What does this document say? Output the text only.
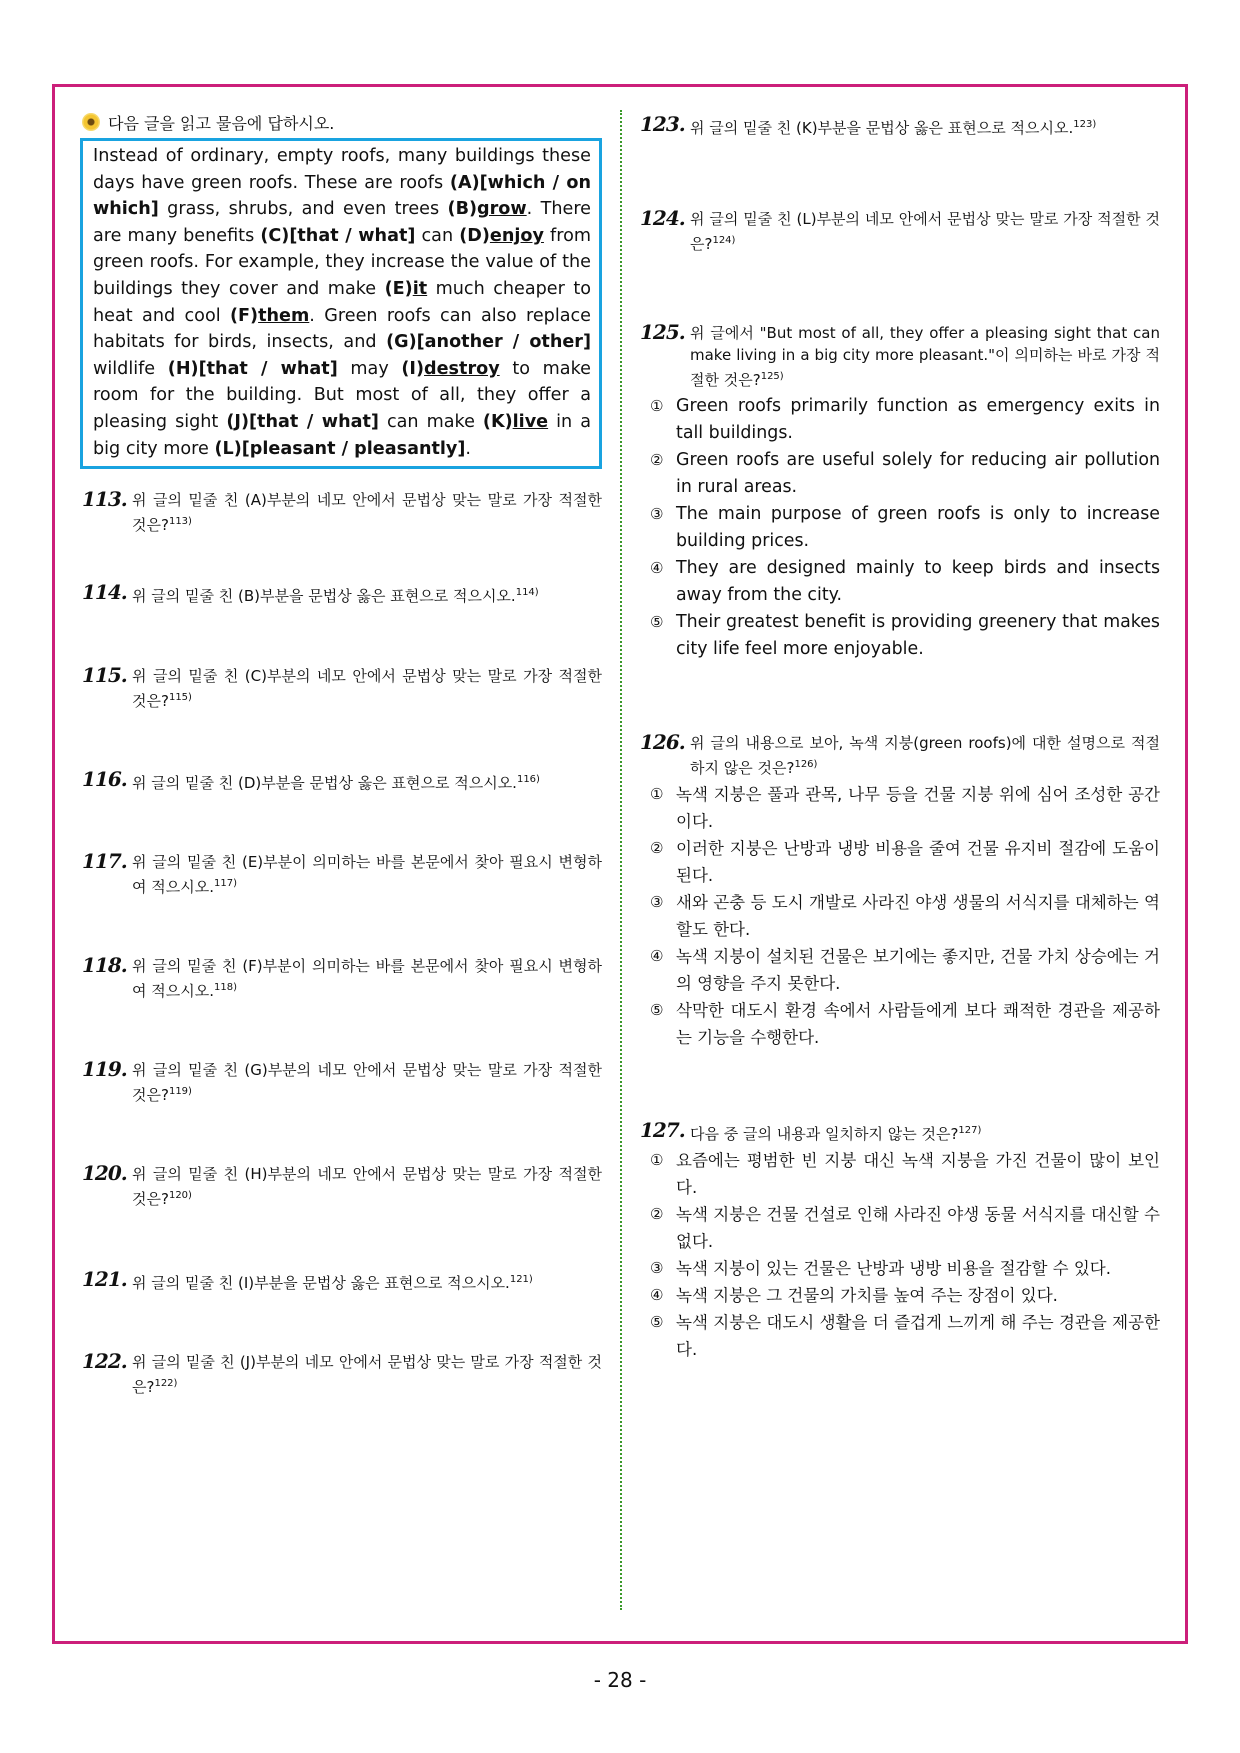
다음 글을 읽고 물음에 답하시오.
Instead of ordinary, empty roofs, many buildings these days have green roofs. These are roofs (A)[which / on which] grass, shrubs, and even trees (B)grow. There are many benefits (C)[that / what] can (D)enjoy from green roofs. For example, they increase the value of the buildings they cover and make (E)it much cheaper to heat and cool (F)them. Green roofs can also replace habitats for birds, insects, and (G)[another / other] wildlife (H)[that / what] may (I)destroy to make room for the building. But most of all, they offer a pleasing sight (J)[that / what] can make (K)live in a big city more (L)[pleasant / pleasantly].
113. 위 글의 밑줄 친 (A)부분의 네모 안에서 문법상 맞는 말로 가장 적절한 것은?$^{113)}$
114. 위 글의 밑줄 친 (B)부분을 문법상 옳은 표현으로 적으시오.$^{114)}$
115. 위 글의 밑줄 친 (C)부분의 네모 안에서 문법상 맞는 말로 가장 적절한 것은?$^{115)}$
116. 위 글의 밑줄 친 (D)부분을 문법상 옳은 표현으로 적으시오.$^{116)}$
117. 위 글의 밑줄 친 (E)부분이 의미하는 바를 본문에서 찾아 필요시 변형하여 적으시오.$^{117)}$
118. 위 글의 밑줄 친 (F)부분이 의미하는 바를 본문에서 찾아 필요시 변형하여 적으시오.$^{118)}$
119. 위 글의 밑줄 친 (G)부분의 네모 안에서 문법상 맞는 말로 가장 적절한 것은?$^{119)}$
120. 위 글의 밑줄 친 (H)부분의 네모 안에서 문법상 맞는 말로 가장 적절한 것은?$^{120)}$
121. 위 글의 밑줄 친 (I)부분을 문법상 옳은 표현으로 적으시오.$^{121)}$
122. 위 글의 밑줄 친 (J)부분의 네모 안에서 문법상 맞는 말로 가장 적절한 것은?$^{122)}$
123. 위 글의 밑줄 친 (K)부분을 문법상 옳은 표현으로 적으시오.$^{123)}$
124. 위 글의 밑줄 친 (L)부분의 네모 안에서 문법상 맞는 말로 가장 적절한 것은?$^{124)}$
125. 위 글에서 "But most of all, they offer a pleasing sight that can make living in a big city more pleasant."이 의미하는 바로 가장 적절한 것은?$^{125)}$
① Green roofs primarily function as emergency exits in tall buildings.
② Green roofs are useful solely for reducing air pollution in rural areas.
③ The main purpose of green roofs is only to increase building prices.
④ They are designed mainly to keep birds and insects away from the city.
⑤ Their greatest benefit is providing greenery that makes city life feel more enjoyable.
126. 위 글의 내용으로 보아, 녹색 지붕(green roofs)에 대한 설명으로 적절하지 않은 것은?$^{126)}$
① 녹색 지붕은 풀과 관목, 나무 등을 건물 지붕 위에 심어 조성한 공간이다.
② 이러한 지붕은 난방과 냉방 비용을 줄여 건물 유지비 절감에 도움이 된다.
③ 새와 곤충 등 도시 개발로 사라진 야생 생물의 서식지를 대체하는 역할도 한다.
④ 녹색 지붕이 설치된 건물은 보기에는 좋지만, 건물 가치 상승에는 거의 영향을 주지 못한다.
⑤ 삭막한 대도시 환경 속에서 사람들에게 보다 쾌적한 경관을 제공하는 기능을 수행한다.
127. 다음 중 글의 내용과 일치하지 않는 것은?$^{127)}$
① 요즘에는 평범한 빈 지붕 대신 녹색 지붕을 가진 건물이 많이 보인다.
② 녹색 지붕은 건물 건설로 인해 사라진 야생 동물 서식지를 대신할 수 없다.
③ 녹색 지붕이 있는 건물은 난방과 냉방 비용을 절감할 수 있다.
④ 녹색 지붕은 그 건물의 가치를 높여 주는 장점이 있다.
⑤ 녹색 지붕은 대도시 생활을 더 즐겁게 느끼게 해 주는 경관을 제공한다.
- 28 -
